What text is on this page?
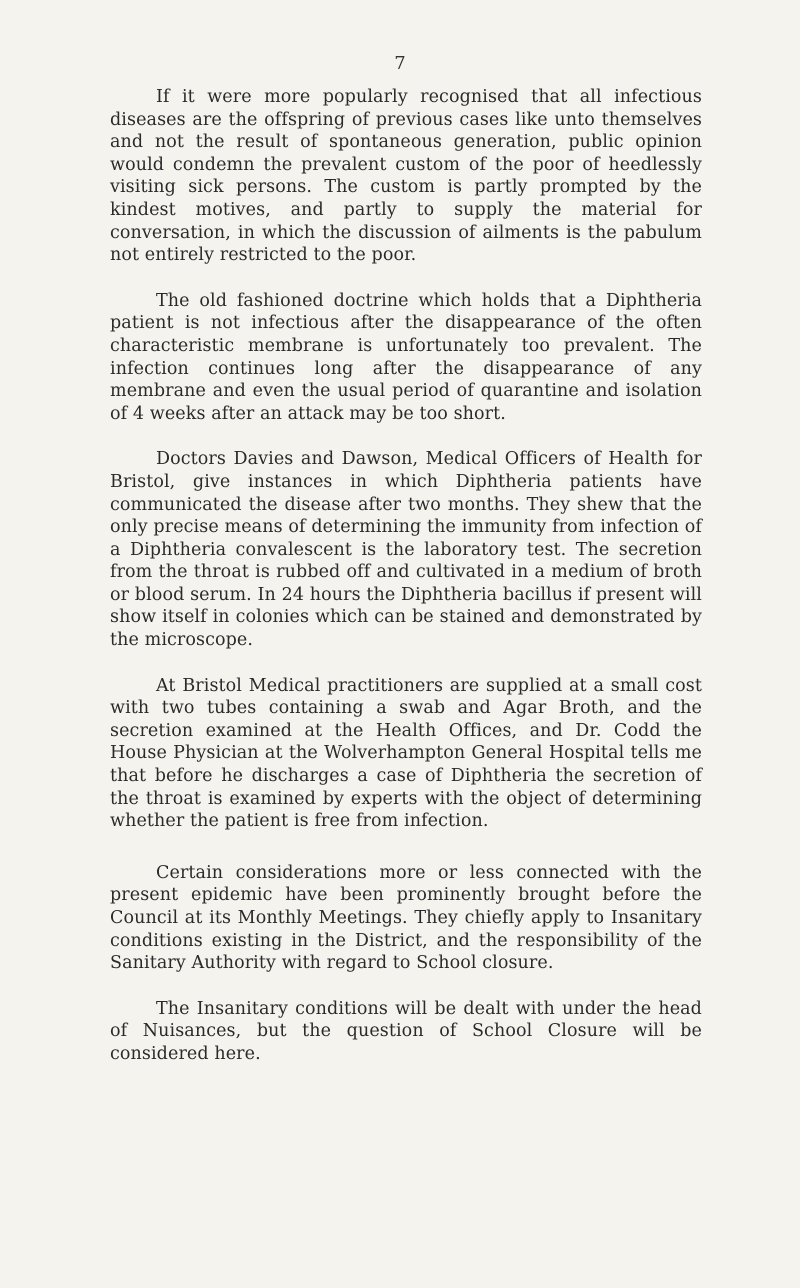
7

If it were more popularly recognised that all infectious diseases are the offspring of previous cases like unto themselves and not the result of spontaneous generation, public opinion would condemn the prevalent custom of the poor of heedlessly visiting sick persons. The custom is partly prompted by the kindest motives, and partly to supply the material for conversation, in which the discussion of ailments is the pabulum not entirely restricted to the poor.

The old fashioned doctrine which holds that a Diphtheria patient is not infectious after the disappearance of the often characteristic membrane is unfortunately too prevalent. The infection continues long after the disappearance of any membrane and even the usual period of quarantine and isolation of 4 weeks after an attack may be too short.

Doctors Davies and Dawson, Medical Officers of Health for Bristol, give instances in which Diphtheria patients have communicated the disease after two months. They shew that the only precise means of determining the immunity from infection of a Diphtheria convalescent is the laboratory test. The secretion from the throat is rubbed off and cultivated in a medium of broth or blood serum. In 24 hours the Diphtheria bacillus if present will show itself in colonies which can be stained and demonstrated by the microscope.

At Bristol Medical practitioners are supplied at a small cost with two tubes containing a swab and Agar Broth, and the secretion examined at the Health Offices, and Dr. Codd the House Physician at the Wolverhampton General Hospital tells me that before he discharges a case of Diphtheria the secretion of the throat is examined by experts with the object of determining whether the patient is free from infection.

Certain considerations more or less connected with the present epidemic have been prominently brought before the Council at its Monthly Meetings. They chiefly apply to Insanitary conditions existing in the District, and the responsibility of the Sanitary Authority with regard to School closure.

The Insanitary conditions will be dealt with under the head of Nuisances, but the question of School Closure will be considered here.
